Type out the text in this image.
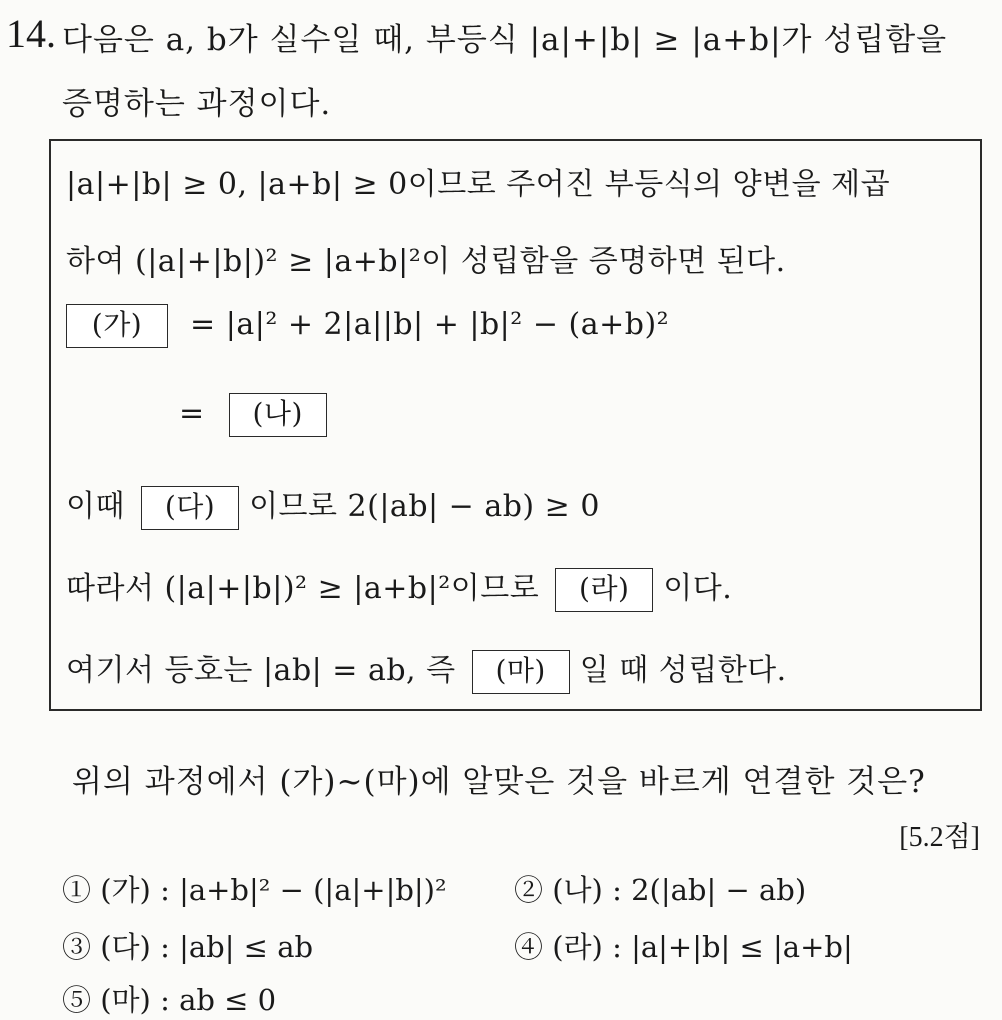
14. 다음은 a, b가 실수일 때, 부등식 |a|+|b| ≥ |a+b|가 성립함을
증명하는 과정이다.
|a|+|b| ≥ 0, |a+b| ≥ 0이므로 주어진 부등식의 양변을 제곱
하여 (|a|+|b|)² ≥ |a+b|²이 성립함을 증명하면 된다.
(가) = |a|² + 2|a||b| + |b|² − (a+b)²
= (나)
이때 (다) 이므로 2(|ab| − ab) ≥ 0
따라서 (|a|+|b|)² ≥ |a+b|²이므로 (라) 이다.
여기서 등호는 |ab| = ab, 즉 (마) 일 때 성립한다.
위의 과정에서 (가)~(마)에 알맞은 것을 바르게 연결한 것은?
[5.2점]
① (가) : |a+b|² − (|a|+|b|)² ② (나) : 2(|ab| − ab)
③ (다) : |ab| ≤ ab	④ (라) : |a|+|b| ≤ |a+b|
⑤ (마) : ab ≤ 0
